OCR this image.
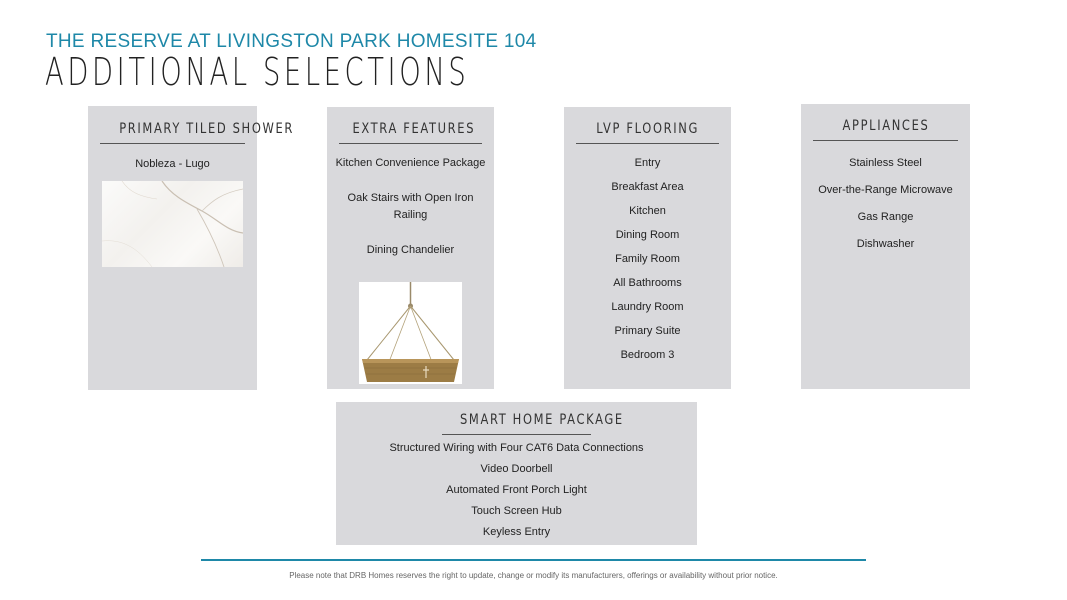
THE RESERVE AT LIVINGSTON PARK HOMESITE 104
ADDITIONAL SELECTIONS
PRIMARY TILED SHOWER
Nobleza - Lugo
EXTRA FEATURES
Kitchen Convenience Package
Oak Stairs with Open Iron Railing
Dining Chandelier
LVP FLOORING
Entry
Breakfast Area
Kitchen
Dining Room
Family Room
All Bathrooms
Laundry Room
Primary Suite
Bedroom 3
APPLIANCES
Stainless Steel
Over-the-Range Microwave
Gas Range
Dishwasher
SMART HOME PACKAGE
Structured Wiring with Four CAT6 Data Connections
Video Doorbell
Automated Front Porch Light
Touch Screen Hub
Keyless Entry
Please note that DRB Homes reserves the right to update, change or modify its manufacturers, offerings or availability without prior notice.
